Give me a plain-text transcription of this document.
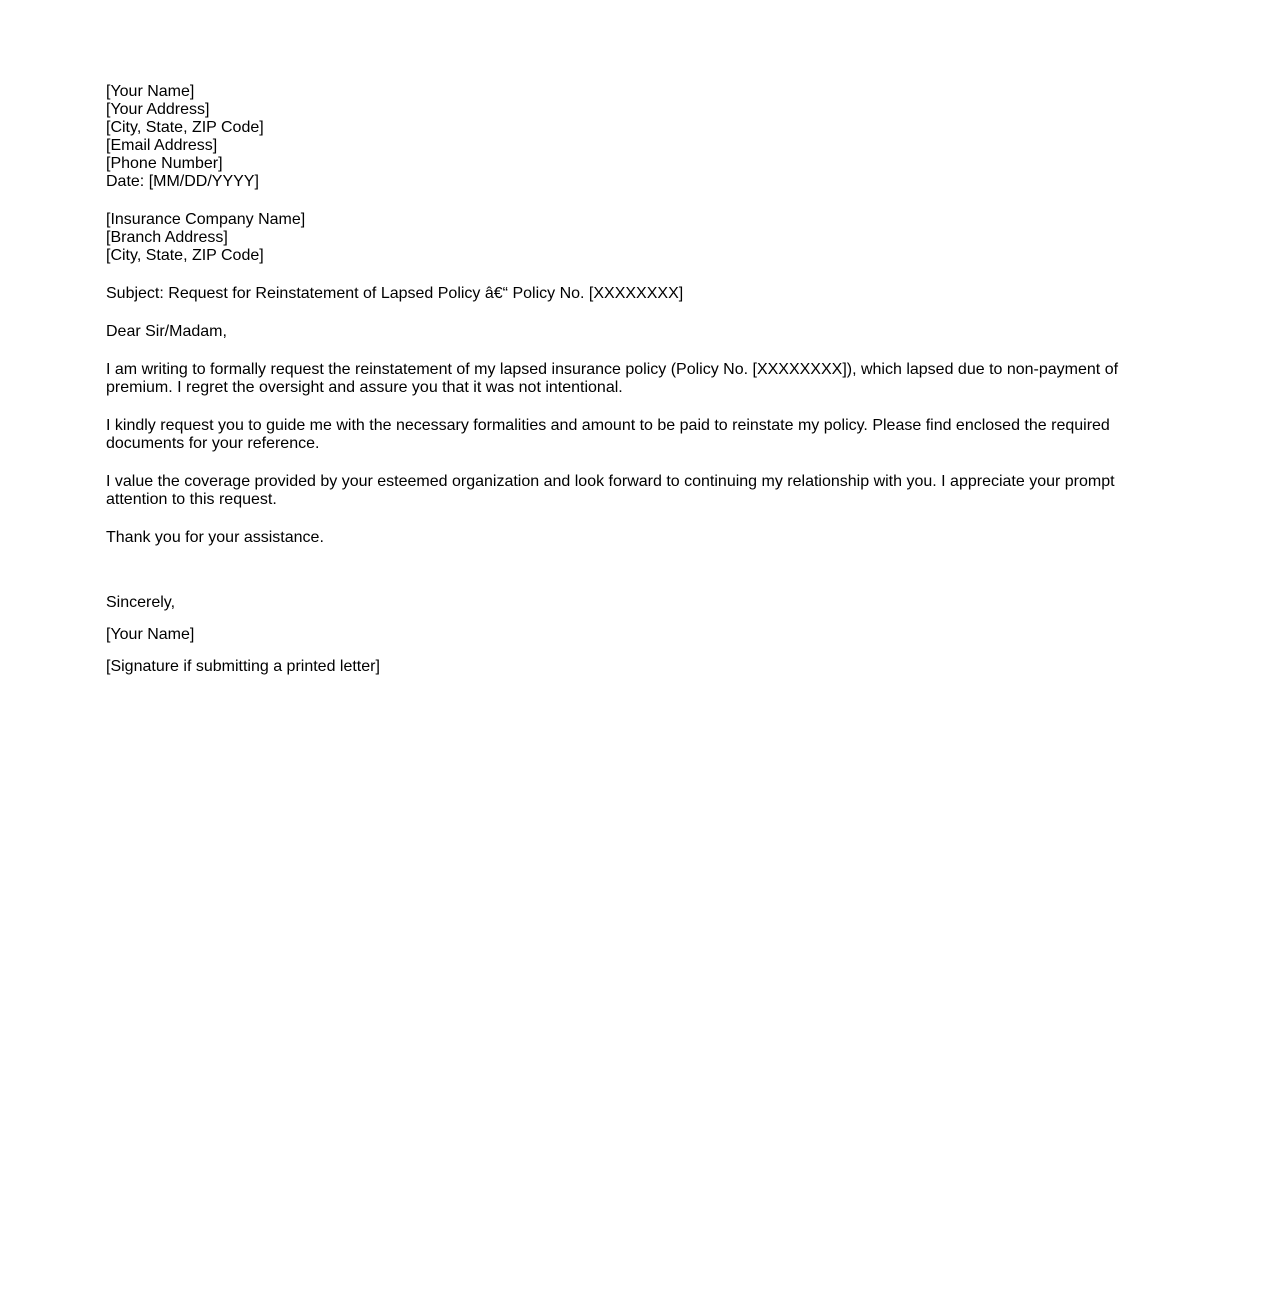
[Your Name]
[Your Address]
[City, State, ZIP Code]
[Email Address]
[Phone Number]
Date: [MM/DD/YYYY]
[Insurance Company Name]
[Branch Address]
[City, State, ZIP Code]

Subject: Request for Reinstatement of Lapsed Policy â€“ Policy No. [XXXXXXXX]

Dear Sir/Madam,

I am writing to formally request the reinstatement of my lapsed insurance policy (Policy No. [XXXXXXXX]), which lapsed due to non-payment of premium. I regret the oversight and assure you that it was not intentional.

I kindly request you to guide me with the necessary formalities and amount to be paid to reinstate my policy. Please find enclosed the required documents for your reference.

I value the coverage provided by your esteemed organization and look forward to continuing my relationship with you. I appreciate your prompt attention to this request.

Thank you for your assistance.

Sincerely,

[Your Name]

[Signature if submitting a printed letter]
